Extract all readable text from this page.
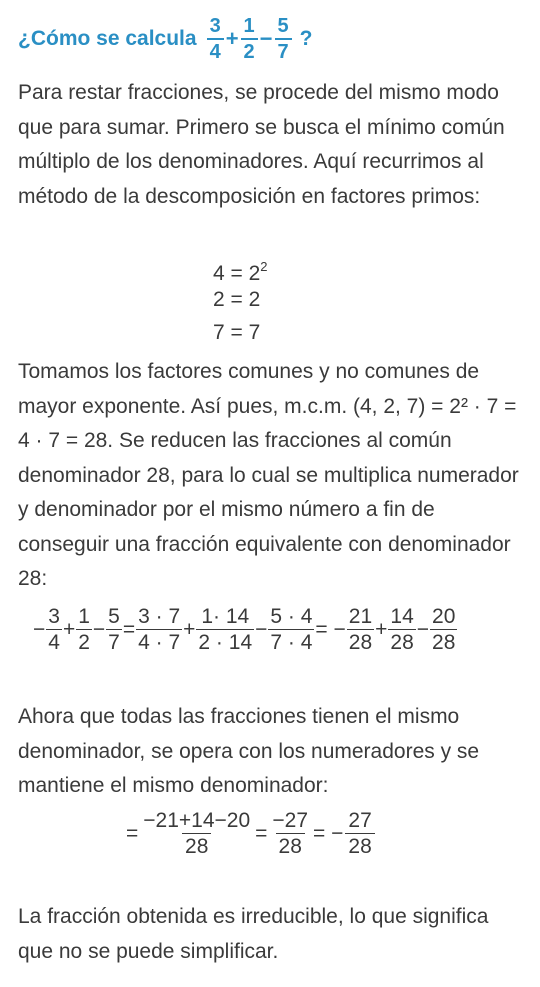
¿Cómo se calcula $\frac{3}{4} + \frac{1}{2} - \frac{5}{7}$ ?

Para restar fracciones, se procede del mismo modo que para sumar. Primero se busca el mínimo común múltiplo de los denominadores. Aquí recurrimos al método de la descomposición en factores primos:

$4 = 2^2$
2 = 2
7 = 7

Tomamos los factores comunes y no comunes de mayor exponente. Así pues, m.c.m. (4, 2, 7) = 2² · 7 = 4 · 7 = 28. Se reducen las fracciones al común denominador 28, para lo cual se multiplica numerador y denominador por el mismo número a fin de conseguir una fracción equivalente con denominador 28:

− $\frac{3}{4} + \frac{1}{2} - \frac{5}{7} = \frac{3 \cdot 7}{4 \cdot 7} + \frac{1\cdot 14}{2 \cdot 14} - \frac{5 \cdot 4}{7 \cdot 4}$ = − $\frac{21}{28} + \frac{14}{28} - \frac{20}{28}$

Ahora que todas las fracciones tienen el mismo denominador, se opera con los numeradores y se mantiene el mismo denominador:

= $\frac{-21+14-20}{28} = \frac{-27}{28}$ = − $\frac{27}{28}$

La fracción obtenida es irreducible, lo que significa que no se puede simplificar.
